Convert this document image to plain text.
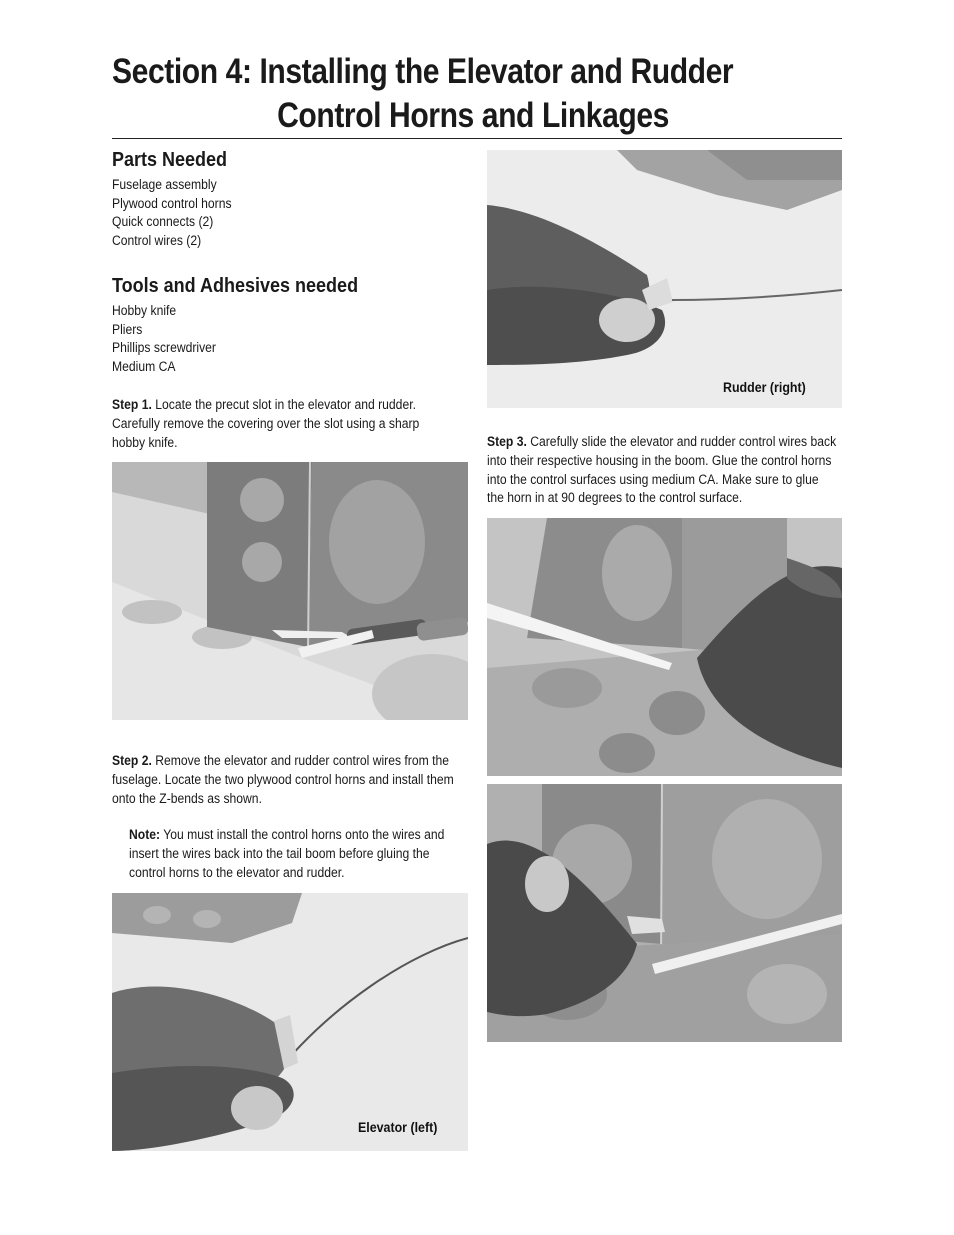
Section 4: Installing the Elevator and Rudder
Control Horns and Linkages
Parts Needed
Fuselage assembly
Plywood control horns
Quick connects (2)
Control wires (2)
Tools and Adhesives needed
Hobby knife
Pliers
Phillips screwdriver
Medium CA
Step 1. Locate the precut slot in the elevator and rudder. Carefully remove the covering over the slot using a sharp hobby knife.
Step 2. Remove the elevator and rudder control wires from the fuselage. Locate the two plywood control horns and install them onto the Z-bends as shown.
Note: You must install the control horns onto the wires and insert the wires back into the tail boom before gluing the control horns to the elevator and rudder.
Elevator (left)
Rudder (right)
Step 3. Carefully slide the elevator and rudder control wires back into their respective housing in the boom. Glue the control horns into the control surfaces using medium CA. Make sure to glue the horn in at 90 degrees to the control surface.
